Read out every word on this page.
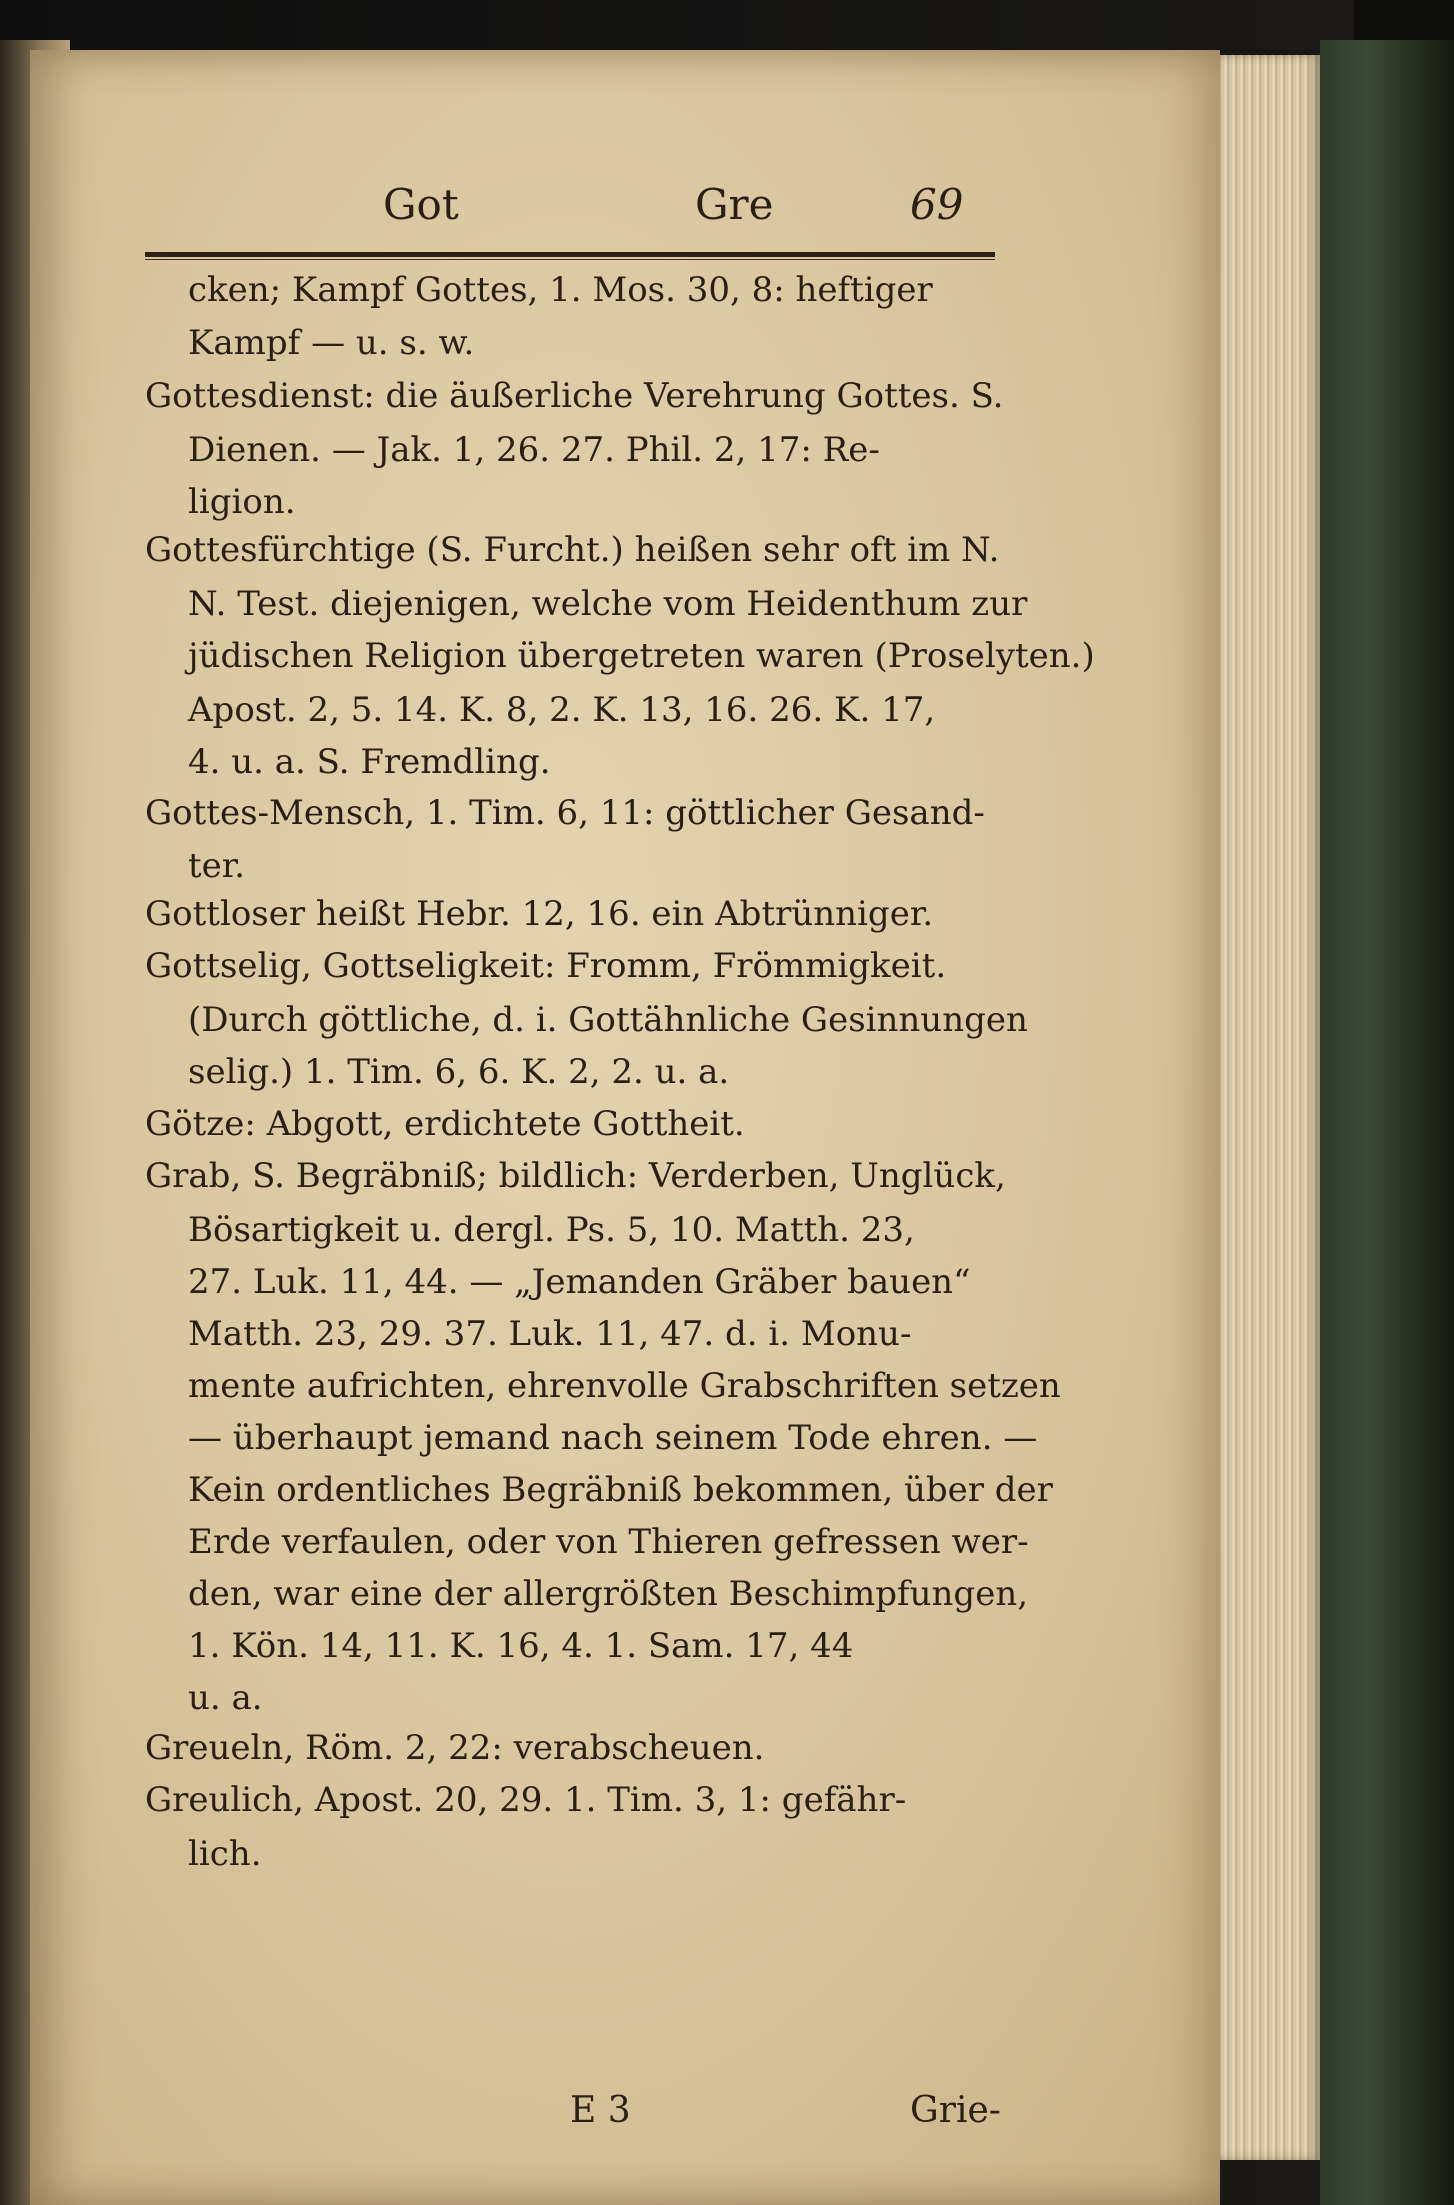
Got	Gre	69
cken; Kampf Gottes, 1. Mos. 30, 8: heftiger
Kampf — u. s. w.
Gottesdienst: die äußerliche Verehrung Gottes. S.
Dienen. — Jak. 1, 26. 27. Phil. 2, 17: Re-
ligion.
Gottesfürchtige (S. Furcht.) heißen sehr oft im N.
N. Test. diejenigen, welche vom Heidenthum zur
jüdischen Religion übergetreten waren (Proselyten.)
Apost. 2, 5. 14. K. 8, 2. K. 13, 16. 26. K. 17,
4. u. a. S. Fremdling.
Gottes-Mensch, 1. Tim. 6, 11: göttlicher Gesand-
ter.
Gottloser heißt Hebr. 12, 16. ein Abtrünniger.
Gottselig, Gottseligkeit: Fromm, Frömmigkeit.
(Durch göttliche, d. i. Gottähnliche Gesinnungen
selig.) 1. Tim. 6, 6. K. 2, 2. u. a.
Götze: Abgott, erdichtete Gottheit.
Grab, S. Begräbniß; bildlich: Verderben, Unglück,
Bösartigkeit u. dergl. Ps. 5, 10. Matth. 23,
27. Luk. 11, 44. — „Jemanden Gräber bauen“
Matth. 23, 29. 37. Luk. 11, 47. d. i. Monu-
mente aufrichten, ehrenvolle Grabschriften setzen
— überhaupt jemand nach seinem Tode ehren. —
Kein ordentliches Begräbniß bekommen, über der
Erde verfaulen, oder von Thieren gefressen wer-
den, war eine der allergrößten Beschimpfungen,
1. Kön. 14, 11. K. 16, 4. 1. Sam. 17, 44
u. a.
Greueln, Röm. 2, 22: verabscheuen.
Greulich, Apost. 20, 29. 1. Tim. 3, 1: gefähr-
lich.
E 3	Grie-
